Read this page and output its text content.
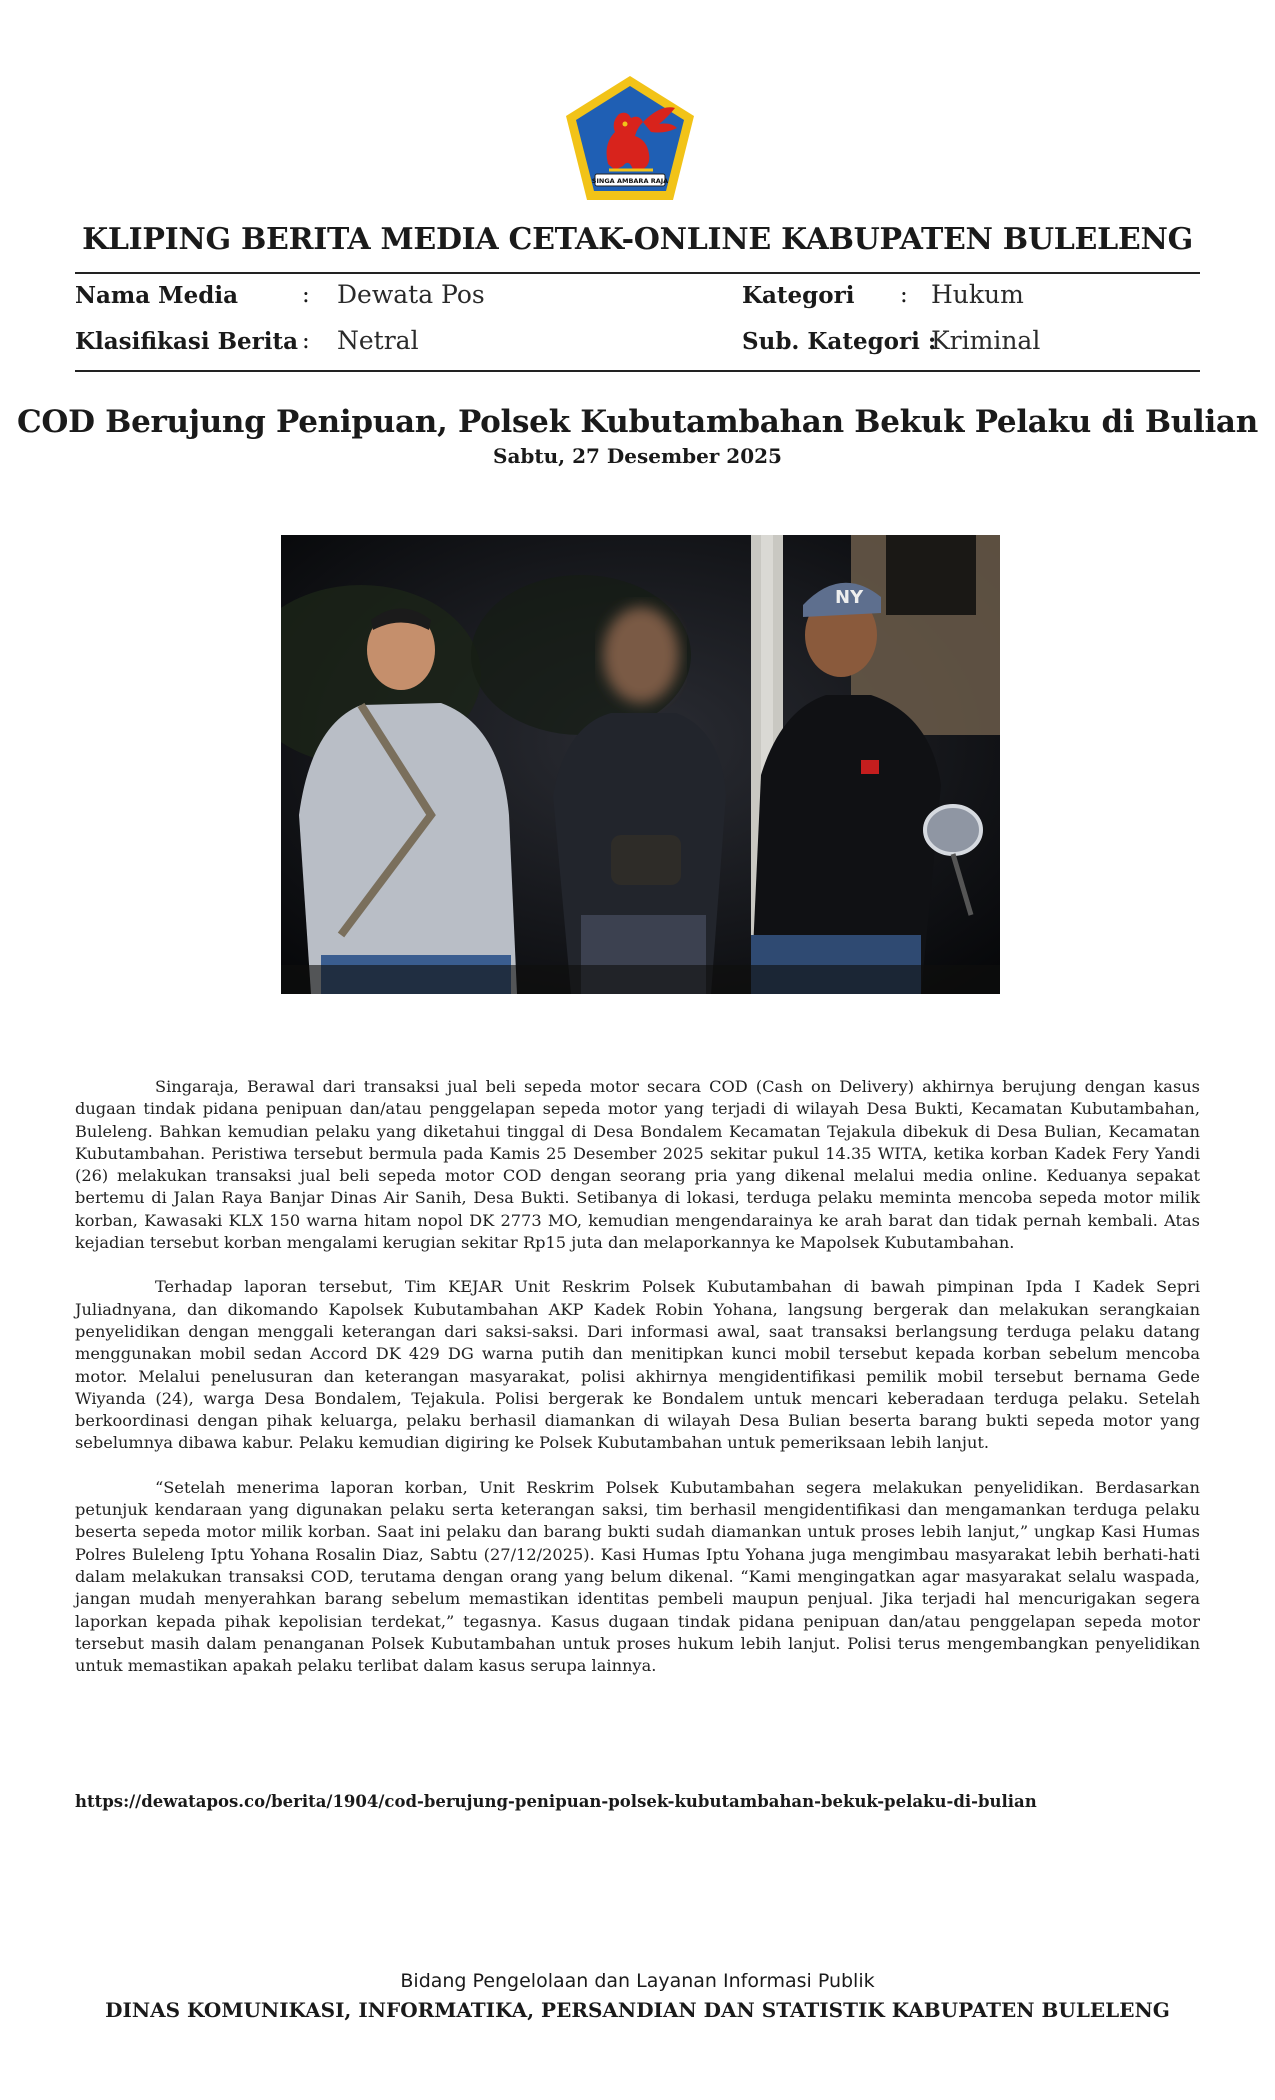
SINGA AMBARA RAJA
KLIPING BERITA MEDIA CETAK-ONLINE KABUPATEN BULELENG
Nama Media	: Dewata Pos	Kategori : Hukum
Klasifikasi Berita : Netral	Sub. Kategori :
Kriminal
COD Berujung Penipuan, Polsek Kubutambahan Bekuk Pelaku di Bulian
Sabtu, 27 Desember 2025
NY

Singaraja, Berawal dari transaksi jual beli sepeda motor secara COD (Cash on Delivery) akhirnya berujung dengan kasus dugaan tindak pidana penipuan dan/atau penggelapan sepeda motor yang terjadi di wilayah Desa Bukti, Kecamatan Kubutambahan, Buleleng. Bahkan kemudian pelaku yang diketahui tinggal di Desa Bondalem Kecamatan Tejakula dibekuk di Desa Bulian, Kecamatan Kubutambahan. Peristiwa tersebut bermula pada Kamis 25 Desember 2025 sekitar pukul 14.35 WITA, ketika korban Kadek Fery Yandi (26) melakukan transaksi jual beli sepeda motor COD dengan seorang pria yang dikenal melalui media online. Keduanya sepakat bertemu di Jalan Raya Banjar Dinas Air Sanih, Desa Bukti. Setibanya di lokasi, terduga pelaku meminta mencoba sepeda motor milik korban, Kawasaki KLX 150 warna hitam nopol DK 2773 MO, kemudian mengendarainya ke arah barat dan tidak pernah kembali. Atas kejadian tersebut korban mengalami kerugian sekitar Rp15 juta dan melaporkannya ke Mapolsek Kubutambahan.

Terhadap laporan tersebut, Tim KEJAR Unit Reskrim Polsek Kubutambahan di bawah pimpinan Ipda I Kadek Sepri Juliadnyana, dan dikomando Kapolsek Kubutambahan AKP Kadek Robin Yohana, langsung bergerak dan melakukan serangkaian penyelidikan dengan menggali keterangan dari saksi-saksi. Dari informasi awal, saat transaksi berlangsung terduga pelaku datang menggunakan mobil sedan Accord DK 429 DG warna putih dan menitipkan kunci mobil tersebut kepada korban sebelum mencoba motor. Melalui penelusuran dan keterangan masyarakat, polisi akhirnya mengidentifikasi pemilik mobil tersebut bernama Gede Wiyanda (24), warga Desa Bondalem, Tejakula. Polisi bergerak ke Bondalem untuk mencari keberadaan terduga pelaku. Setelah berkoordinasi dengan pihak keluarga, pelaku berhasil diamankan di wilayah Desa Bulian beserta barang bukti sepeda motor yang sebelumnya dibawa kabur. Pelaku kemudian digiring ke Polsek Kubutambahan untuk pemeriksaan lebih lanjut.

“Setelah menerima laporan korban, Unit Reskrim Polsek Kubutambahan segera melakukan penyelidikan. Berdasarkan petunjuk kendaraan yang digunakan pelaku serta keterangan saksi, tim berhasil mengidentifikasi dan mengamankan terduga pelaku beserta sepeda motor milik korban. Saat ini pelaku dan barang bukti sudah diamankan untuk proses lebih lanjut,” ungkap Kasi Humas Polres Buleleng Iptu Yohana Rosalin Diaz, Sabtu (27/12/2025). Kasi Humas Iptu Yohana juga mengimbau masyarakat lebih berhati-hati dalam melakukan transaksi COD, terutama dengan orang yang belum dikenal. “Kami mengingatkan agar masyarakat selalu waspada, jangan mudah menyerahkan barang sebelum memastikan identitas pembeli maupun penjual. Jika terjadi hal mencurigakan segera laporkan kepada pihak kepolisian terdekat,” tegasnya. Kasus dugaan tindak pidana penipuan dan/atau penggelapan sepeda motor tersebut masih dalam penanganan Polsek Kubutambahan untuk proses hukum lebih lanjut. Polisi terus mengembangkan penyelidikan untuk memastikan apakah pelaku terlibat dalam kasus serupa lainnya.

https://dewatapos.co/berita/1904/cod-berujung-penipuan-polsek-kubutambahan-bekuk-pelaku-di-bulian
Bidang Pengelolaan dan Layanan Informasi Publik
DINAS KOMUNIKASI, INFORMATIKA, PERSANDIAN DAN STATISTIK KABUPATEN BULELENG
